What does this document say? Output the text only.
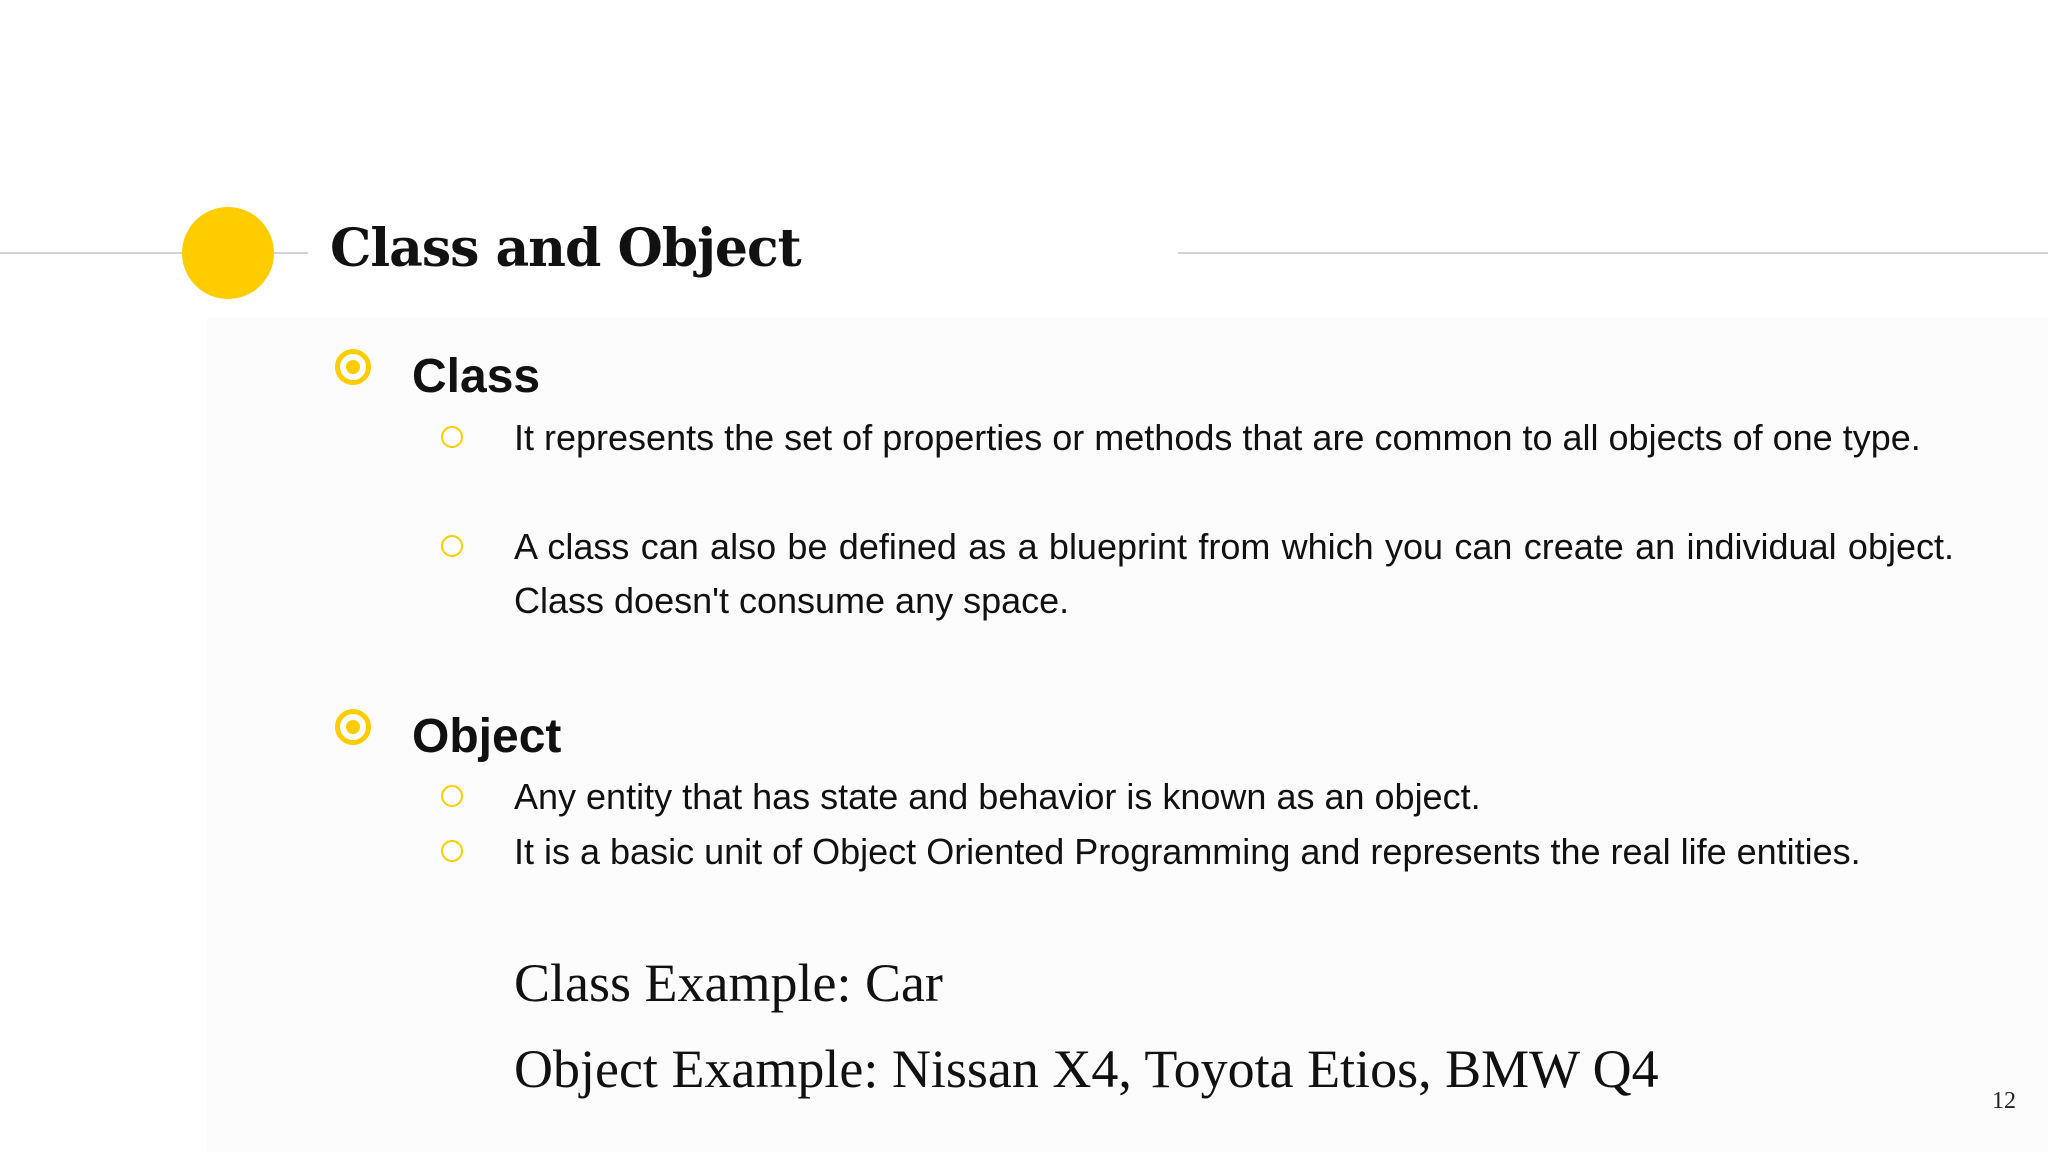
Class and Object
Class
It represents the set of properties or methods that are common to all objects of one type.
A class can also be defined as a blueprint from which you can create an individual object. Class doesn't consume any space.
Object
Any entity that has state and behavior is known as an object.
It is a basic unit of Object Oriented Programming and represents the real life entities.
Class Example: Car
Object Example: Nissan X4, Toyota Etios, BMW Q4
12
